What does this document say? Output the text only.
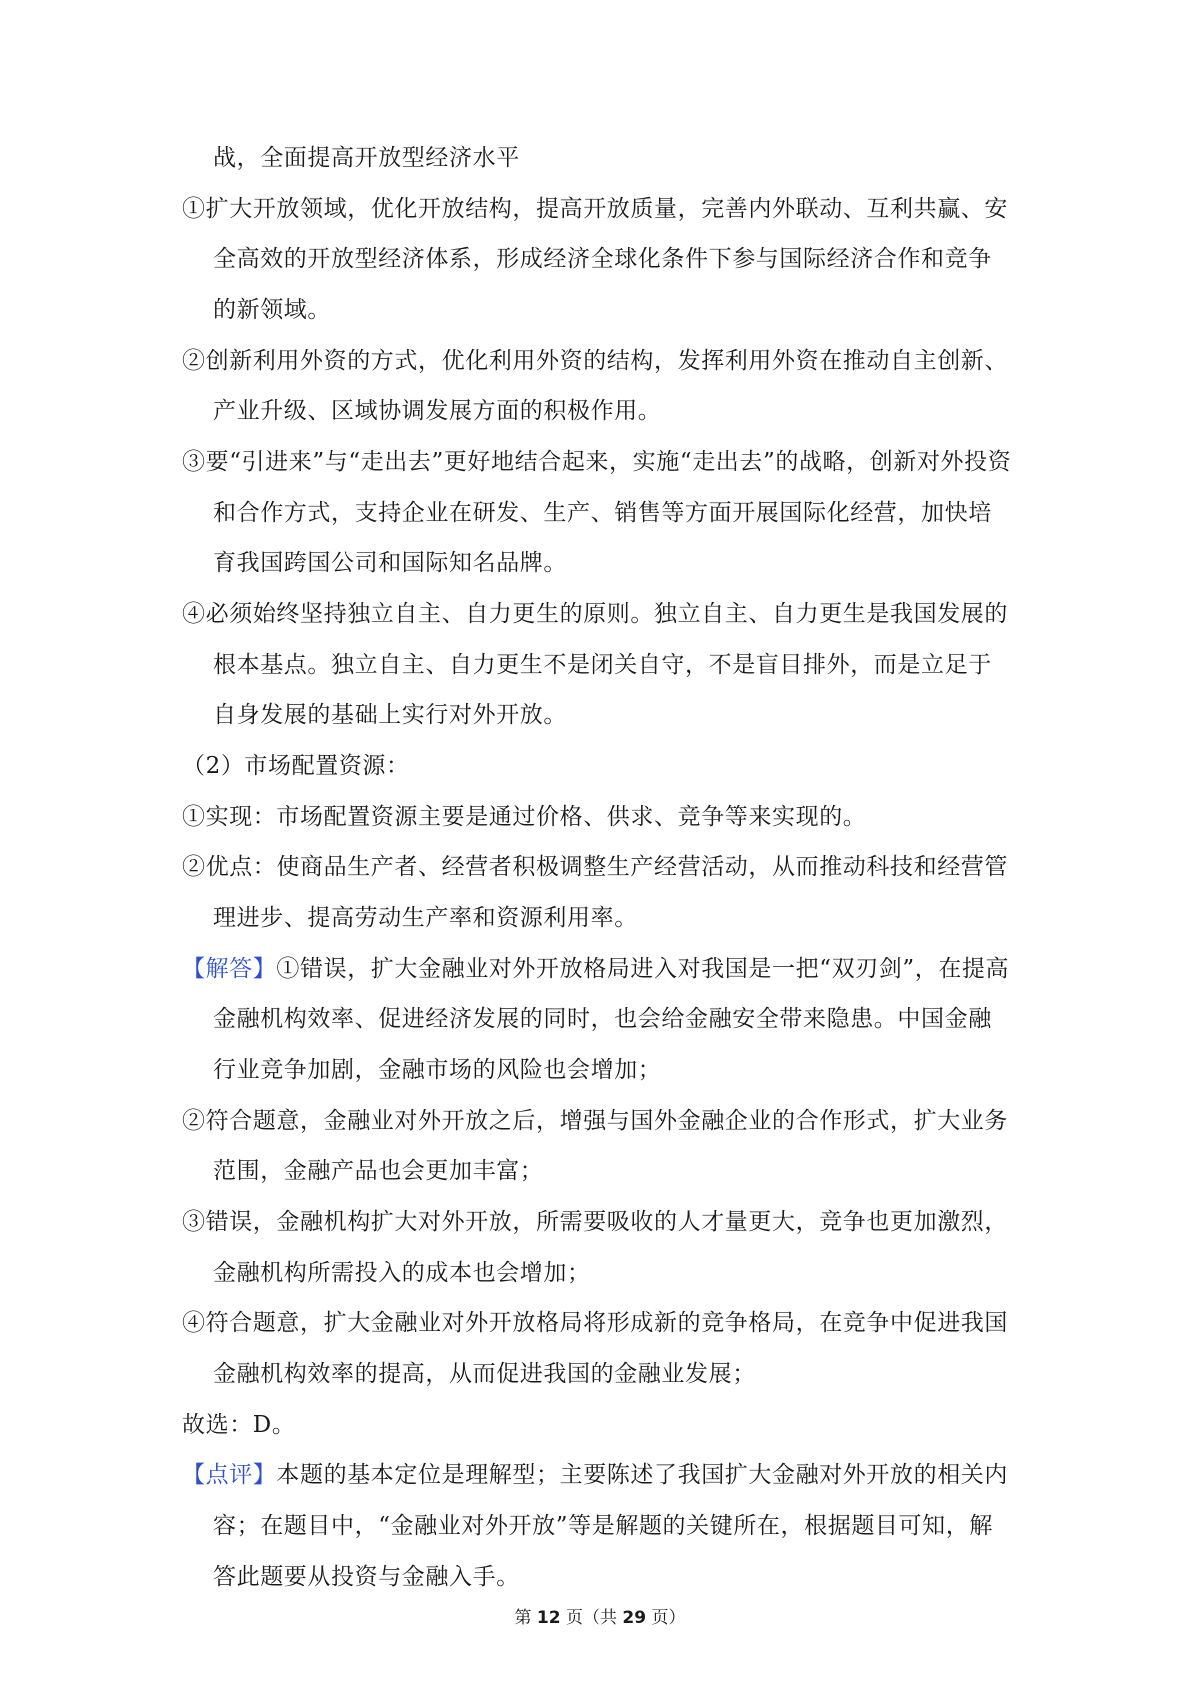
战，全面提高开放型经济水平
①扩大开放领域，优化开放结构，提高开放质量，完善内外联动、互利共赢、安
全高效的开放型经济体系，形成经济全球化条件下参与国际经济合作和竞争
的新领域。
②创新利用外资的方式，优化利用外资的结构，发挥利用外资在推动自主创新、
产业升级、区域协调发展方面的积极作用。
③要“引进来”与“走出去”更好地结合起来，实施“走出去”的战略，创新对外投资
和合作方式，支持企业在研发、生产、销售等方面开展国际化经营，加快培
育我国跨国公司和国际知名品牌。
④必须始终坚持独立自主、自力更生的原则。独立自主、自力更生是我国发展的
根本基点。独立自主、自力更生不是闭关自守，不是盲目排外，而是立足于
自身发展的基础上实行对外开放。
（2）市场配置资源：
①实现：市场配置资源主要是通过价格、供求、竞争等来实现的。
②优点：使商品生产者、经营者积极调整生产经营活动，从而推动科技和经营管
理进步、提高劳动生产率和资源利用率。
【解答】①错误，扩大金融业对外开放格局进入对我国是一把“双刃剑”，在提高
金融机构效率、促进经济发展的同时，也会给金融安全带来隐患。中国金融
行业竞争加剧，金融市场的风险也会增加；
②符合题意，金融业对外开放之后，增强与国外金融企业的合作形式，扩大业务
范围，金融产品也会更加丰富；
③错误，金融机构扩大对外开放，所需要吸收的人才量更大，竞争也更加激烈，
金融机构所需投入的成本也会增加；
④符合题意，扩大金融业对外开放格局将形成新的竞争格局，在竞争中促进我国
金融机构效率的提高，从而促进我国的金融业发展；
故选：D。
【点评】本题的基本定位是理解型；主要陈述了我国扩大金融对外开放的相关内
容；在题目中，“金融业对外开放”等是解题的关键所在，根据题目可知，解
答此题要从投资与金融入手。
第 12 页（共 29 页）
